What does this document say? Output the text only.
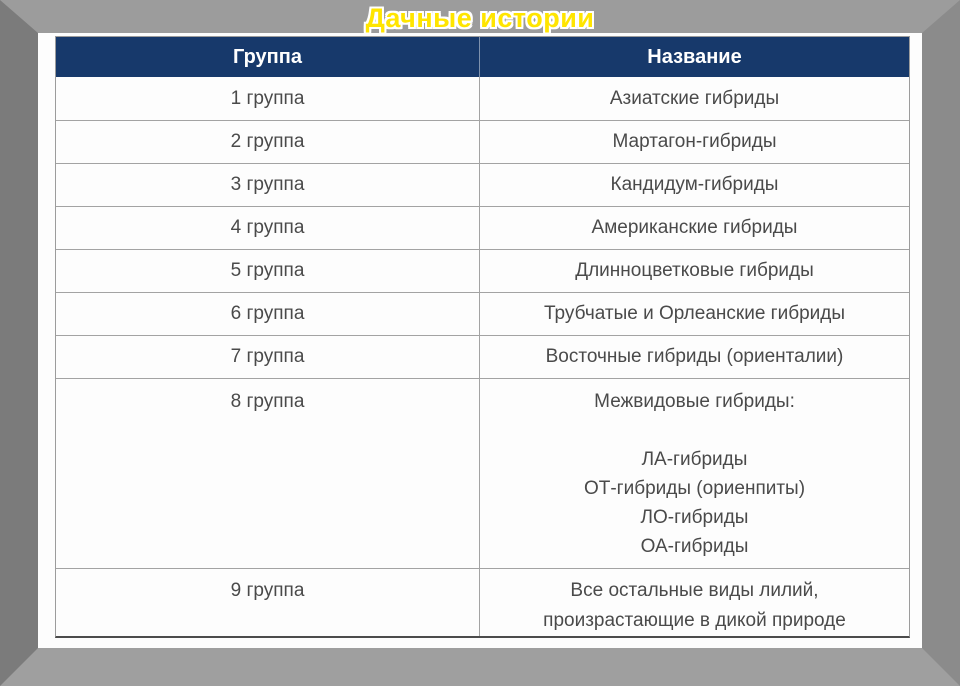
Дачные истории
Группа	Название
1 группа	Азиатские гибриды
2 группа	Мартагон-гибриды
3 группа	Кандидум-гибриды
4 группа	Американские гибриды
5 группа	Длинноцветковые гибриды
6 группа	Трубчатые и Орлеанские гибриды
7 группа	Восточные гибриды (ориенталии)
8 группа	Межвидовые гибриды:
ЛА-гибриды
ОТ-гибриды (ориенпиты)
ЛО-гибриды
ОА-гибриды
9 группа	Все остальные виды лилий,
произрастающие в дикой природе
